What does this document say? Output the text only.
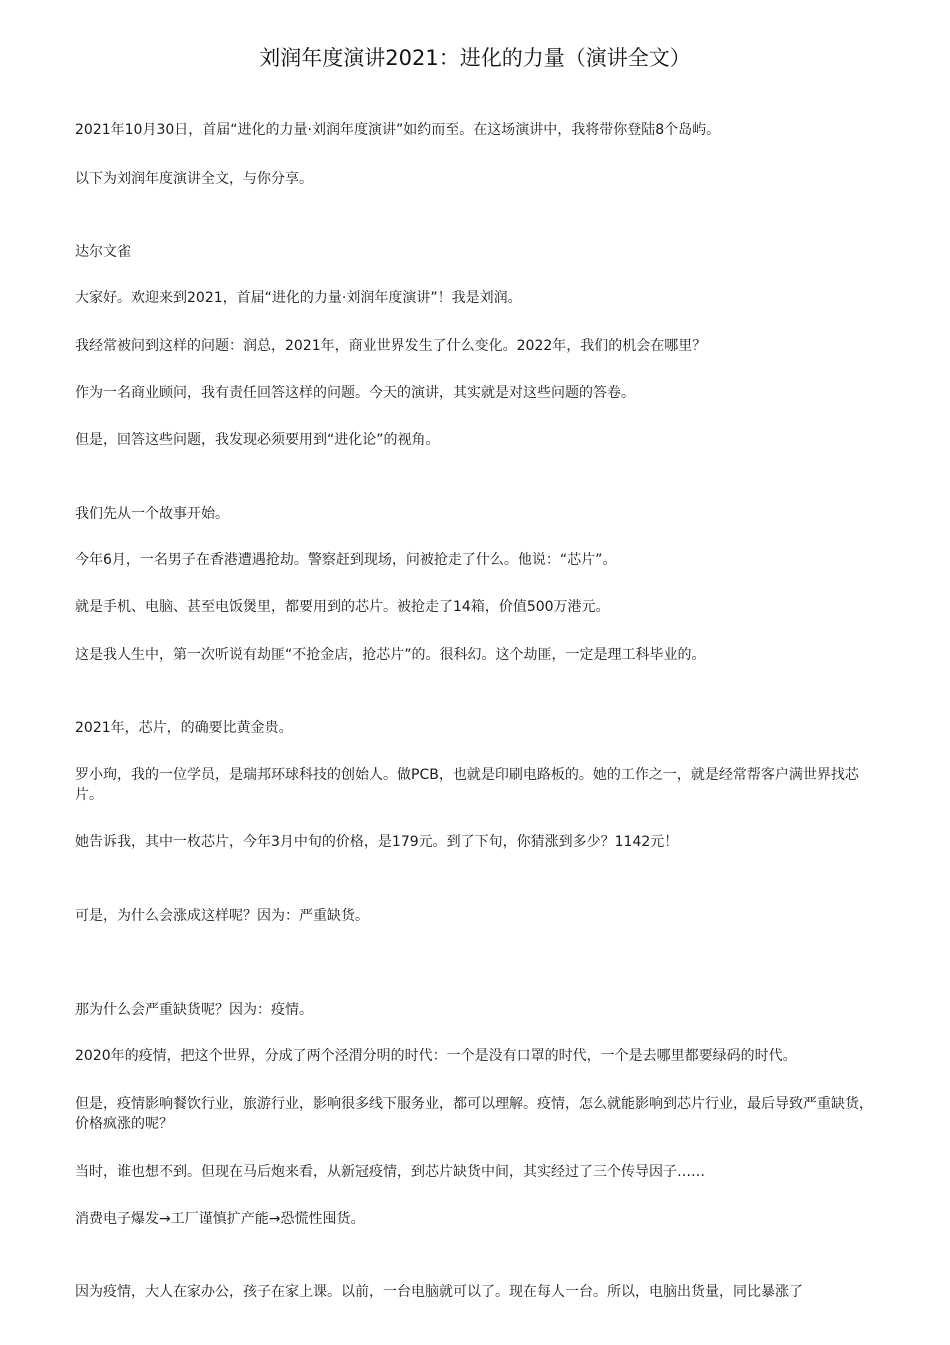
刘润年度演讲2021：进化的力量（演讲全文）

2021年10月30日，首届“进化的力量·刘润年度演讲”如约而至。在这场演讲中，我将带你登陆8个岛屿。

以下为刘润年度演讲全文，与你分享。

达尔文雀

大家好。欢迎来到2021，首届“进化的力量·刘润年度演讲”！我是刘润。

我经常被问到这样的问题：润总，2021年，商业世界发生了什么变化。2022年，我们的机会在哪里？

作为一名商业顾问，我有责任回答这样的问题。今天的演讲，其实就是对这些问题的答卷。

但是，回答这些问题，我发现必须要用到“进化论”的视角。

我们先从一个故事开始。

今年6月，一名男子在香港遭遇抢劫。警察赶到现场，问被抢走了什么。他说：“芯片”。

就是手机、电脑、甚至电饭煲里，都要用到的芯片。被抢走了14箱，价值500万港元。

这是我人生中，第一次听说有劫匪“不抢金店，抢芯片”的。很科幻。这个劫匪，一定是理工科毕业的。

2021年，芯片，的确要比黄金贵。

罗小珣，我的一位学员，是瑞邦环球科技的创始人。做PCB，也就是印刷电路板的。她的工作之一，就是经常帮客户满世界找芯片。

她告诉我，其中一枚芯片，今年3月中旬的价格，是179元。到了下旬，你猜涨到多少？1142元！

可是，为什么会涨成这样呢？因为：严重缺货。

那为什么会严重缺货呢？因为：疫情。

2020年的疫情，把这个世界，分成了两个泾渭分明的时代：一个是没有口罩的时代，一个是去哪里都要绿码的时代。

但是，疫情影响餐饮行业，旅游行业，影响很多线下服务业，都可以理解。疫情，怎么就能影响到芯片行业，最后导致严重缺货，价格疯涨的呢？

当时，谁也想不到。但现在马后炮来看，从新冠疫情，到芯片缺货中间，其实经过了三个传导因子……

消费电子爆发→工厂谨慎扩产能→恐慌性囤货。

因为疫情，大人在家办公，孩子在家上课。以前，一台电脑就可以了。现在每人一台。所以，电脑出货量，同比暴涨了
